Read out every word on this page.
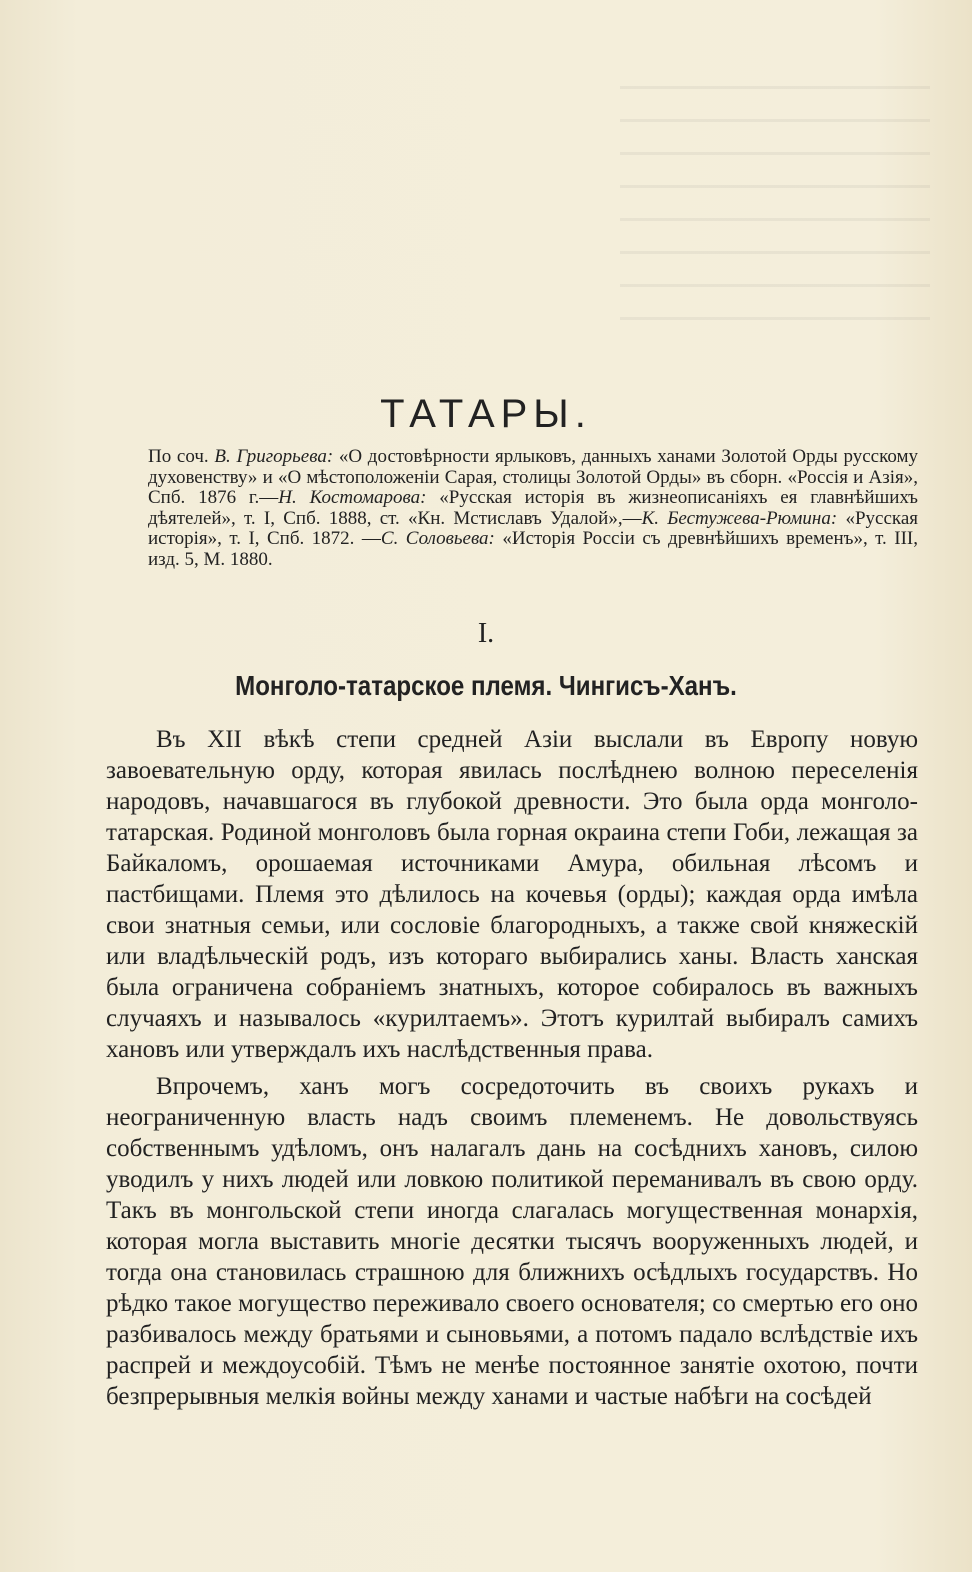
ТАТАРЫ.
По соч. В. Григорьева: «О достовѣрности ярлыковъ, данныхъ ханами Золотой Орды русскому духовенству» и «О мѣстоположеніи Сарая, столицы Золотой Орды» въ сборн. «Россія и Азія», Спб. 1876 г.—Н. Костомарова: «Русская исторія въ жизнеописаніяхъ ея главнѣйшихъ дѣятелей», т. I, Спб. 1888, ст. «Кн. Мстиславъ Удалой»,—К. Бестужева-Рюмина: «Русская исторія», т. I, Спб. 1872. —С. Соловьева: «Исторія Россіи съ древнѣйшихъ временъ», т. III, изд. 5, М. 1880.
I.
Монголо-татарское племя. Чингисъ-Ханъ.

Въ XII вѣкѣ степи средней Азіи выслали въ Европу новую завоевательную орду, которая явилась послѣднею волною переселенія народовъ, начавшагося въ глубокой древности. Это была орда монголо-татарская. Родиной монголовъ была горная окраина степи Гоби, лежащая за Байкаломъ, орошаемая источниками Амура, обильная лѣсомъ и пастбищами. Племя это дѣлилось на кочевья (орды); каждая орда имѣла свои знатныя семьи, или сословіе благородныхъ, а также свой княжескій или владѣльческій родъ, изъ котораго выбирались ханы. Власть ханская была ограничена собраніемъ знатныхъ, которое собиралось въ важныхъ случаяхъ и называлось «курилтаемъ». Этотъ курилтай выбиралъ самихъ хановъ или утверждалъ ихъ наслѣдственныя права.

Впрочемъ, ханъ могъ сосредоточить въ своихъ рукахъ и неограниченную власть надъ своимъ племенемъ. Не довольствуясь собственнымъ удѣломъ, онъ налагалъ дань на сосѣднихъ хановъ, силою уводилъ у нихъ людей или ловкою политикой переманивалъ въ свою орду. Такъ въ монгольской степи иногда слагалась могущественная монархія, которая могла выставить многіе десятки тысячъ вооруженныхъ людей, и тогда она становилась страшною для ближнихъ осѣдлыхъ государствъ. Но рѣдко такое могущество переживало своего основателя; со смертью его оно разбивалось между братьями и сыновьями, а потомъ падало вслѣдствіе ихъ распрей и междоусобій. Тѣмъ не менѣе постоянное занятіе охотою, почти безпрерывныя мелкія войны между ханами и частые набѣги на сосѣдей
